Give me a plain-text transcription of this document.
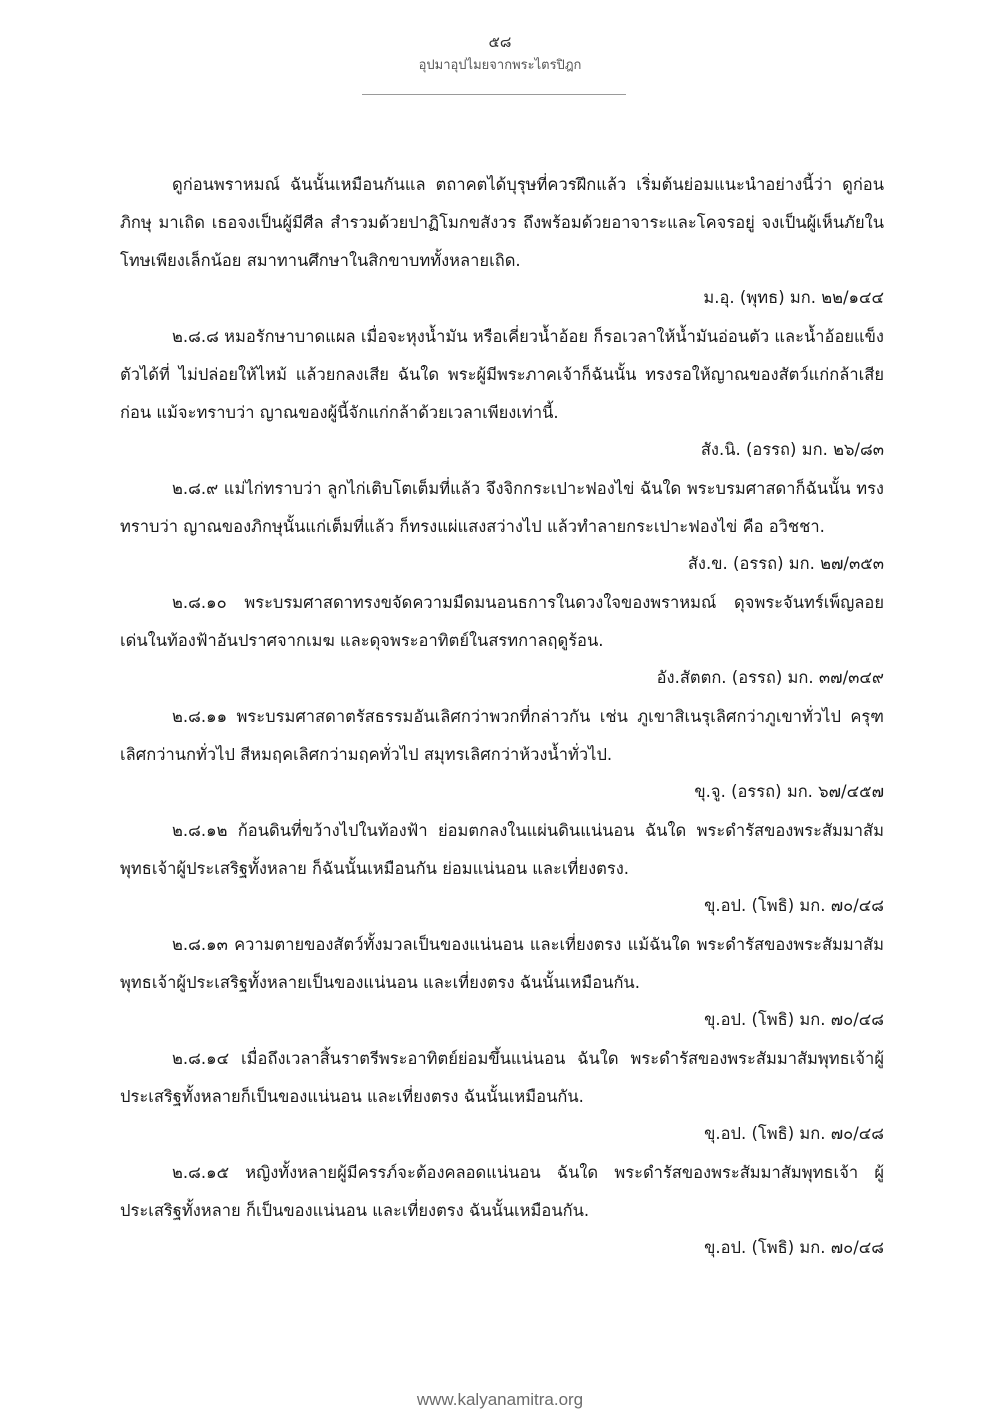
๕๘
อุปมาอุปไมยจากพระไตรปิฎก

ดูก่อนพราหมณ์ ฉันนั้นเหมือนกันแล ตถาคตได้บุรุษที่ควรฝึกแล้ว เริ่มต้นย่อมแนะนำอย่างนี้ว่า ดูก่อนภิกษุ มาเถิด เธอจงเป็นผู้มีศีล สำรวมด้วยปาฏิโมกขสังวร ถึงพร้อมด้วยอาจาระและโคจรอยู่ จงเป็นผู้เห็นภัยในโทษเพียงเล็กน้อย สมาทานศึกษาในสิกขาบททั้งหลายเถิด.

ม.อุ. (พุทธ) มก. ๒๒/๑๔๔

๒.๘.๘ หมอรักษาบาดแผล เมื่อจะหุงน้ำมัน หรือเคี่ยวน้ำอ้อย ก็รอเวลาให้น้ำมันอ่อนตัว และน้ำอ้อยแข็งตัวได้ที่ ไม่ปล่อยให้ไหม้ แล้วยกลงเสีย ฉันใด พระผู้มีพระภาคเจ้าก็ฉันนั้น ทรงรอให้ญาณของสัตว์แก่กล้าเสียก่อน แม้จะทราบว่า ญาณของผู้นี้จักแก่กล้าด้วยเวลาเพียงเท่านี้.

สัง.นิ. (อรรถ) มก. ๒๖/๘๓

๒.๘.๙ แม่ไก่ทราบว่า ลูกไก่เติบโตเต็มที่แล้ว จึงจิกกระเปาะฟองไข่ ฉันใด พระบรมศาสดาก็ฉันนั้น ทรงทราบว่า ญาณของภิกษุนั้นแก่เต็มที่แล้ว ก็ทรงแผ่แสงสว่างไป แล้วทำลายกระเปาะฟองไข่ คือ อวิชชา.

สัง.ข. (อรรถ) มก. ๒๗/๓๕๓

๒.๘.๑๐ พระบรมศาสดาทรงขจัดความมืดมนอนธการในดวงใจของพราหมณ์ ดุจพระจันทร์เพ็ญลอยเด่นในท้องฟ้าอันปราศจากเมฆ และดุจพระอาทิตย์ในสรทกาลฤดูร้อน.

อัง.สัตตก. (อรรถ) มก. ๓๗/๓๔๙

๒.๘.๑๑ พระบรมศาสดาตรัสธรรมอันเลิศกว่าพวกที่กล่าวกัน เช่น ภูเขาสิเนรุเลิศกว่าภูเขาทั่วไป ครุฑเลิศกว่านกทั่วไป สีหมฤคเลิศกว่ามฤคทั่วไป สมุทรเลิศกว่าห้วงน้ำทั่วไป.

ขุ.จู. (อรรถ) มก. ๖๗/๔๕๗

๒.๘.๑๒ ก้อนดินที่ขว้างไปในท้องฟ้า ย่อมตกลงในแผ่นดินแน่นอน ฉันใด พระดำรัสของพระสัมมาสัมพุทธเจ้าผู้ประเสริฐทั้งหลาย ก็ฉันนั้นเหมือนกัน ย่อมแน่นอน และเที่ยงตรง.

ขุ.อป. (โพธิ) มก. ๗๐/๔๘

๒.๘.๑๓ ความตายของสัตว์ทั้งมวลเป็นของแน่นอน และเที่ยงตรง แม้ฉันใด พระดำรัสของพระสัมมาสัมพุทธเจ้าผู้ประเสริฐทั้งหลายเป็นของแน่นอน และเที่ยงตรง ฉันนั้นเหมือนกัน.

ขุ.อป. (โพธิ) มก. ๗๐/๔๘

๒.๘.๑๔ เมื่อถึงเวลาสิ้นราตรีพระอาทิตย์ย่อมขึ้นแน่นอน ฉันใด พระดำรัสของพระสัมมาสัมพุทธเจ้าผู้ประเสริฐทั้งหลายก็เป็นของแน่นอน และเที่ยงตรง ฉันนั้นเหมือนกัน.

ขุ.อป. (โพธิ) มก. ๗๐/๔๘

๒.๘.๑๕ หญิงทั้งหลายผู้มีครรภ์จะต้องคลอดแน่นอน ฉันใด พระดำรัสของพระสัมมาสัมพุทธเจ้า ผู้ประเสริฐทั้งหลาย ก็เป็นของแน่นอน และเที่ยงตรง ฉันนั้นเหมือนกัน.

ขุ.อป. (โพธิ) มก. ๗๐/๔๘

www.kalyanamitra.org
